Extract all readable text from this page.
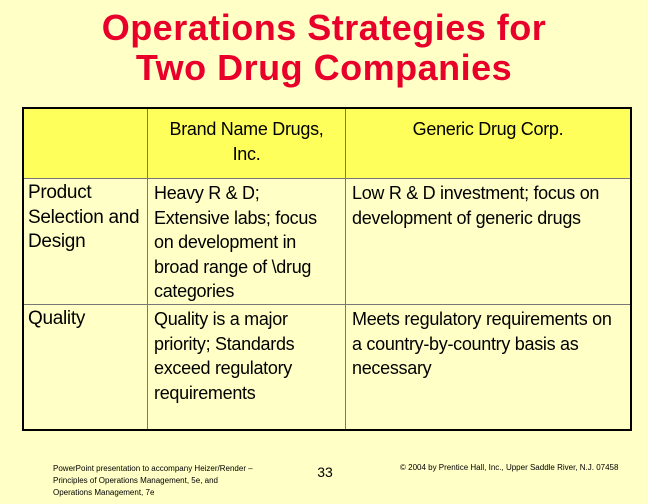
Operations Strategies for
Two Drug Companies
Brand Name Drugs, Inc.
Generic Drug Corp.
Product Selection and Design
Heavy R & D; Extensive labs; focus on development in broad range of \drug categories
Low R & D investment; focus on development of generic drugs
Quality	Quality is a major priority; Standards exceed regulatory requirements
Meets regulatory requirements on a country-by-country basis as necessary
PowerPoint presentation to accompany Heizer/Render – Principles of Operations Management, 5e, and Operations Management, 7e
33	© 2004 by Prentice Hall, Inc., Upper Saddle River, N.J. 07458
